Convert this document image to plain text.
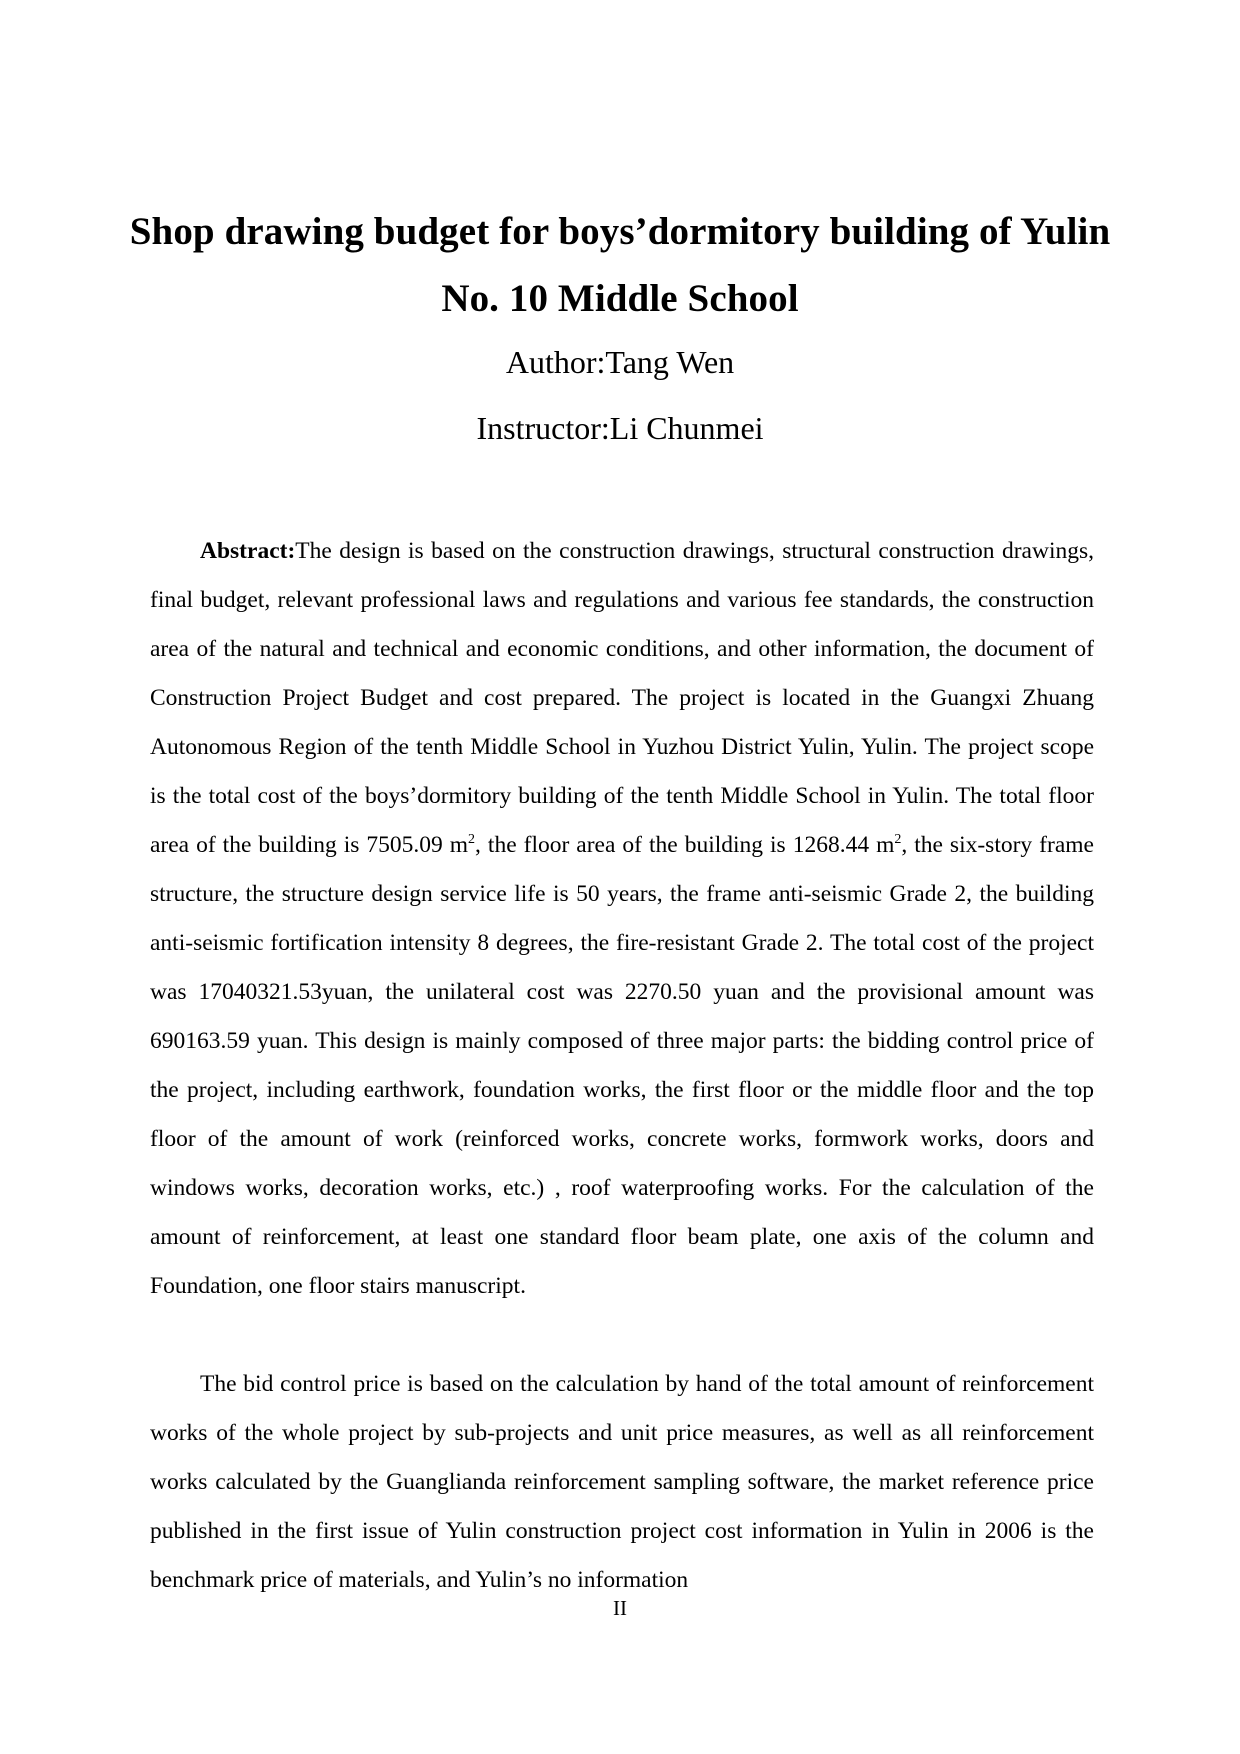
Shop drawing budget for boys’dormitory building of Yulin
No. 10 Middle School
Author:Tang Wen
Instructor:Li Chunmei

Abstract:The design is based on the construction drawings, structural construction drawings, final budget, relevant professional laws and regulations and various fee standards, the construction area of the natural and technical and economic conditions, and other information, the document of Construction Project Budget and cost prepared. The project is located in the Guangxi Zhuang Autonomous Region of the tenth Middle School in Yuzhou District Yulin, Yulin. The project scope is the total cost of the boys’dormitory building of the tenth Middle School in Yulin. The total floor area of the building is 7505.09 $m^2$, the floor area of the building is 1268.44 $m^2$, the six-story frame structure, the structure design service life is 50 years, the frame anti-seismic Grade 2, the building anti-seismic fortification intensity 8 degrees, the fire-resistant Grade 2. The total cost of the project was 17040321.53yuan, the unilateral cost was 2270.50 yuan and the provisional amount was 690163.59 yuan. This design is mainly composed of three major parts: the bidding control price of the project, including earthwork, foundation works, the first floor or the middle floor and the top floor of the amount of work (reinforced works, concrete works, formwork works, doors and windows works, decoration works, etc.) , roof waterproofing works. For the calculation of the amount of reinforcement, at least one standard floor beam plate, one axis of the column and Foundation, one floor stairs manuscript.

The bid control price is based on the calculation by hand of the total amount of reinforcement works of the whole project by sub-projects and unit price measures, as well as all reinforcement works calculated by the Guanglianda reinforcement sampling software, the market reference price published in the first issue of Yulin construction project cost information in Yulin in 2006 is the benchmark price of materials, and Yulin’s no information

II
